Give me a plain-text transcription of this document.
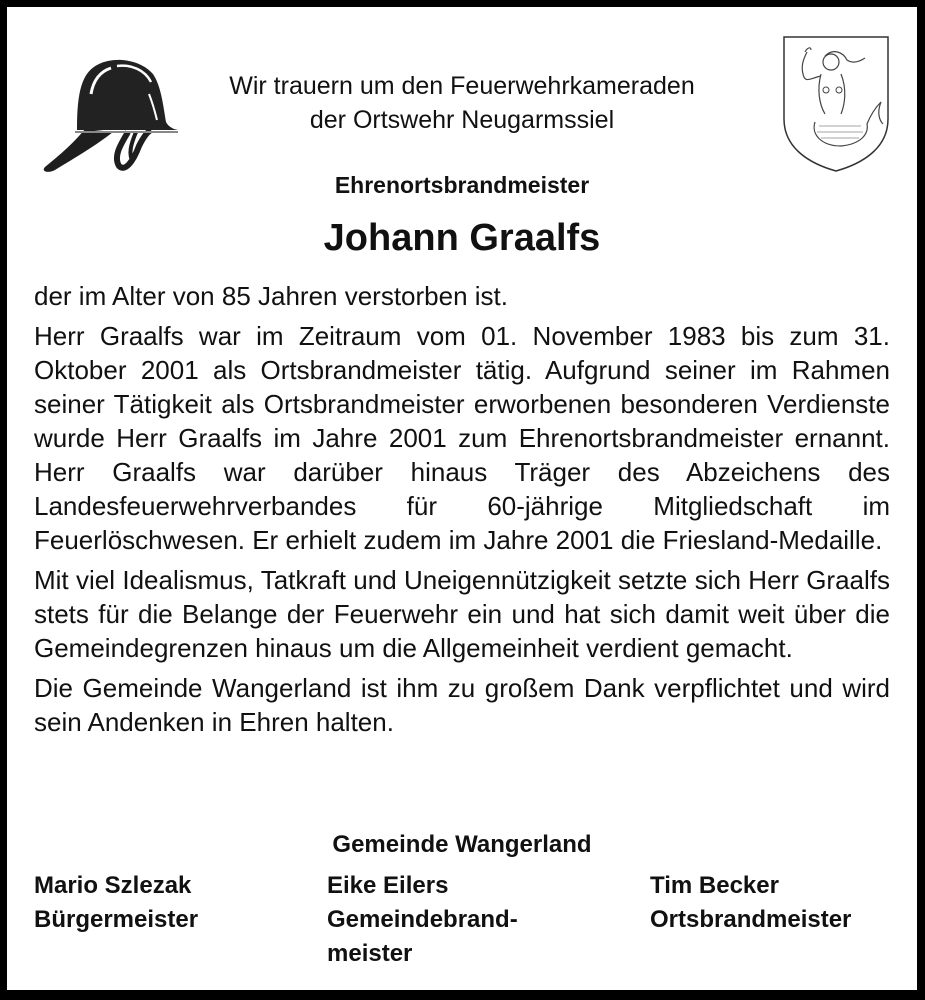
Wir trauern um den Feuerwehrkameraden
der Ortswehr Neugarmssiel
Ehrenortsbrandmeister
Johann Graalfs

der im Alter von 85 Jahren verstorben ist.

Herr Graalfs war im Zeitraum vom 01. November 1983 bis zum 31. Oktober 2001 als Ortsbrandmeister tätig. Aufgrund seiner im Rahmen seiner Tätigkeit als Ortsbrandmeister erworbenen besonderen Verdienste wurde Herr Graalfs im Jahre 2001 zum Ehrenortsbrandmeister ernannt. Herr Graalfs war darüber hinaus Träger des Abzeichens des Landesfeuerwehrverbandes für 60-jährige Mitgliedschaft im Feuerlöschwesen. Er erhielt zudem im Jahre 2001 die Friesland-Medaille.

Mit viel Idealismus, Tatkraft und Uneigennützigkeit setzte sich Herr Graalfs stets für die Belange der Feuerwehr ein und hat sich damit weit über die Gemeindegrenzen hinaus um die Allgemeinheit verdient gemacht.

Die Gemeinde Wangerland ist ihm zu großem Dank verpflichtet und wird sein Andenken in Ehren halten.

Gemeinde Wangerland
Mario Szlezak
Bürgermeister
Eike Eilers
Gemeindebrand-
meister
Tim Becker
Ortsbrandmeister
